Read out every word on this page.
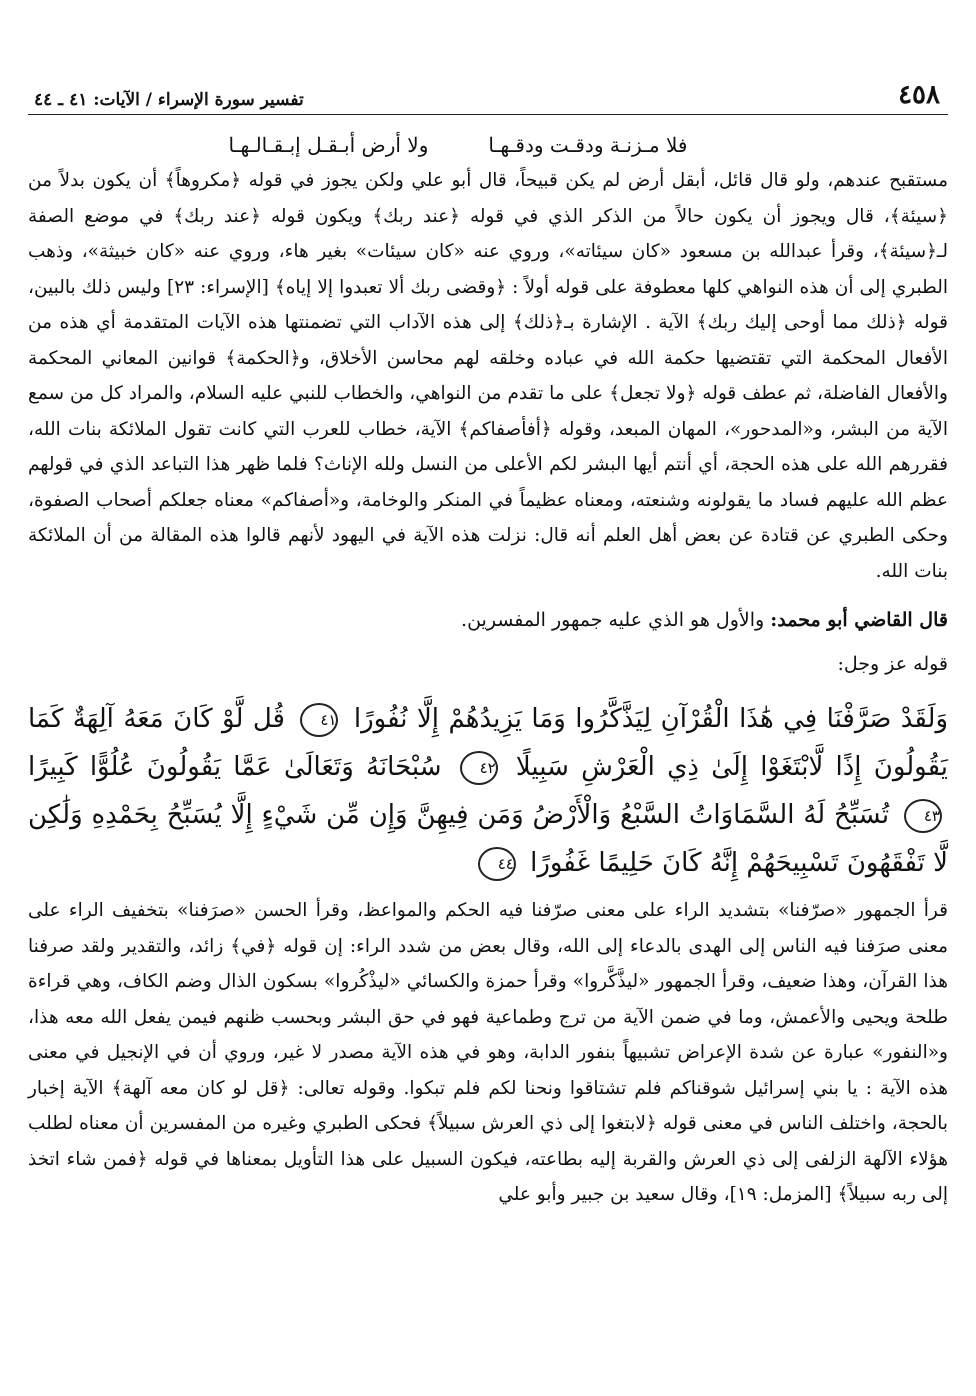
٤٥٨
تفسير سورة الإسراء / الآيات: ٤١ ـ ٤٤
فلا مـزنـة ودقـت ودقـهـا
ولا أرض أبـقـل إبـقـالـهـا
مستقبح عندهم، ولو قال قائل، أبقل أرض لم يكن قبيحاً، قال أبو علي ولكن يجوز في قوله ﴿مكروهاً﴾ أن يكون بدلاً من ﴿سيئة﴾، قال ويجوز أن يكون حالاً من الذكر الذي في قوله ﴿عند ربك﴾ ويكون قوله ﴿عند ربك﴾ في موضع الصفة لـ﴿سيئة﴾، وقرأ عبدالله بن مسعود «كان سيئاته»، وروي عنه «كان سيئات» بغير هاء، وروي عنه «كان خبيثة»، وذهب الطبري إلى أن هذه النواهي كلها معطوفة على قوله أولاً : ﴿وقضى ربك ألا تعبدوا إلا إياه﴾ [الإسراء: ٢٣] وليس ذلك بالبين، قوله ﴿ذلك مما أوحى إليك ربك﴾ الآية . الإشارة بـ﴿ذلك﴾ إلى هذه الآداب التي تضمنتها هذه الآيات المتقدمة أي هذه من الأفعال المحكمة التي تقتضيها حكمة الله في عباده وخلقه لهم محاسن الأخلاق، و﴿الحكمة﴾ قوانين المعاني المحكمة والأفعال الفاضلة، ثم عطف قوله ﴿ولا تجعل﴾ على ما تقدم من النواهي، والخطاب للنبي عليه السلام، والمراد كل من سمع الآية من البشر، و«المدحور»، المهان المبعد، وقوله ﴿أفأصفاكم﴾ الآية، خطاب للعرب التي كانت تقول الملائكة بنات الله، فقررهم الله على هذه الحجة، أي أنتم أيها البشر لكم الأعلى من النسل ولله الإناث؟ فلما ظهر هذا التباعد الذي في قولهم عظم الله عليهم فساد ما يقولونه وشنعته، ومعناه عظيماً في المنكر والوخامة، و«أصفاكم» معناه جعلكم أصحاب الصفوة، وحكى الطبري عن قتادة عن بعض أهل العلم أنه قال: نزلت هذه الآية في اليهود لأنهم قالوا هذه المقالة من أن الملائكة بنات الله.
قال القاضي أبو محمد: والأول هو الذي عليه جمهور المفسرين.
قوله عز وجل:
وَلَقَدْ صَرَّفْنَا فِي هَٰذَا الْقُرْآنِ لِيَذَّكَّرُوا وَمَا يَزِيدُهُمْ إِلَّا نُفُورًا ٤١ قُل لَّوْ كَانَ مَعَهُ آلِهَةٌ كَمَا يَقُولُونَ إِذًا لَّابْتَغَوْا إِلَىٰ ذِي الْعَرْشِ سَبِيلًا ٤٢ سُبْحَانَهُ وَتَعَالَىٰ عَمَّا يَقُولُونَ عُلُوًّا كَبِيرًا ٤٣ تُسَبِّحُ لَهُ السَّمَاوَاتُ السَّبْعُ وَالْأَرْضُ وَمَن فِيهِنَّ وَإِن مِّن شَيْءٍ إِلَّا يُسَبِّحُ بِحَمْدِهِ وَلَٰكِن لَّا تَفْقَهُونَ تَسْبِيحَهُمْ إِنَّهُ كَانَ حَلِيمًا غَفُورًا ٤٤
قرأ الجمهور «صرّفنا» بتشديد الراء على معنى صرّفنا فيه الحكم والمواعظ، وقرأ الحسن «صرَفنا» بتخفيف الراء على معنى صرَفنا فيه الناس إلى الهدى بالدعاء إلى الله، وقال بعض من شدد الراء: إن قوله ﴿في﴾ زائد، والتقدير ولقد صرفنا هذا القرآن، وهذا ضعيف، وقرأ الجمهور «ليذَّكَّروا» وقرأ حمزة والكسائي «ليذْكُروا» بسكون الذال وضم الكاف، وهي قراءة طلحة ويحيى والأعمش، وما في ضمن الآية من ترج وطماعية فهو في حق البشر وبحسب ظنهم فيمن يفعل الله معه هذا، و«النفور» عبارة عن شدة الإعراض تشبيهاً بنفور الدابة، وهو في هذه الآية مصدر لا غير، وروي أن في الإنجيل في معنى هذه الآية : يا بني إسرائيل شوقناكم فلم تشتاقوا ونحنا لكم فلم تبكوا. وقوله تعالى: ﴿قل لو كان معه آلهة﴾ الآية إخبار بالحجة، واختلف الناس في معنى قوله ﴿لابتغوا إلى ذي العرش سبيلاً﴾ فحكى الطبري وغيره من المفسرين أن معناه لطلب هؤلاء الآلهة الزلفى إلى ذي العرش والقربة إليه بطاعته، فيكون السبيل على هذا التأويل بمعناها في قوله ﴿فمن شاء اتخذ إلى ربه سبيلاً﴾ [المزمل: ١٩]، وقال سعيد بن جبير وأبو علي
